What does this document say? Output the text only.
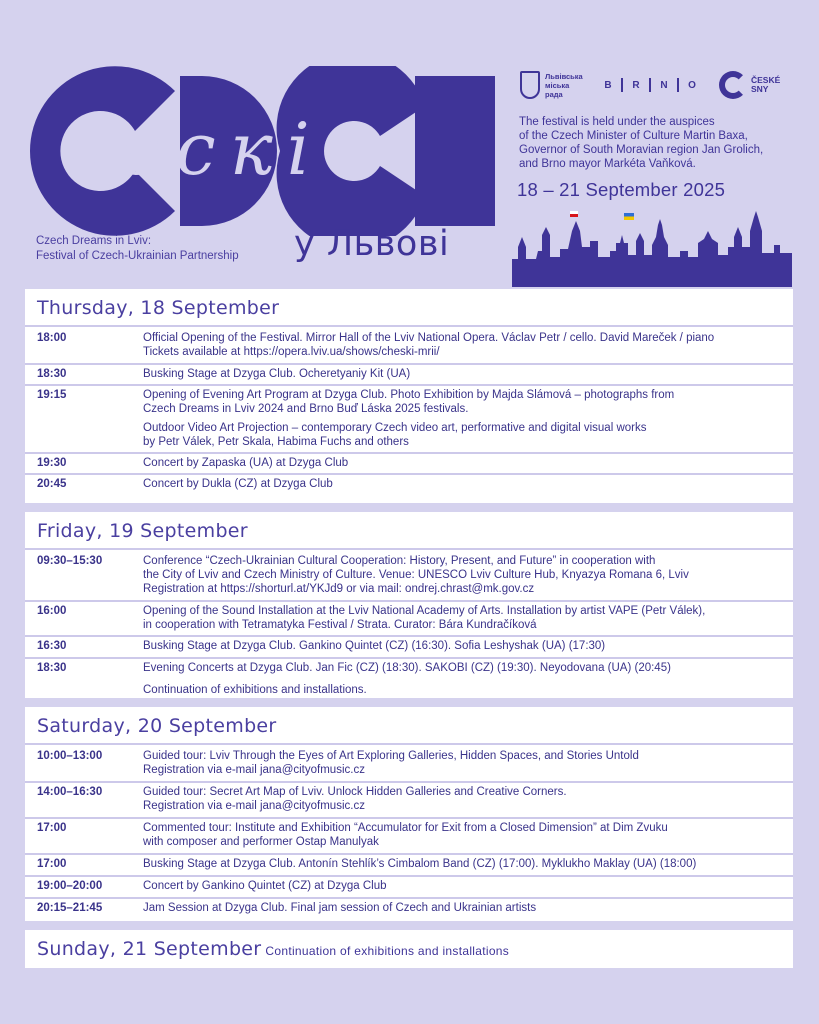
ческі
Czech Dreams in Lviv:
Festival of Czech-Ukrainian Partnership у Львові
Львівська міська рада
B	R	N	O	ČESKÉ SNY
The festival is held under the auspices
of the Czech Minister of Culture Martin Baxa,
Governor of South Moravian region Jan Grolich,
and Brno mayor Markéta Vaňková.
18 – 21 September 2025
Thursday, 18 September
18:00	Official Opening of the Festival. Mirror Hall of the Lviv National Opera. Václav Petr / cello. David Mareček / piano
Tickets available at https://opera.lviv.ua/shows/cheski-mrii/
18:30	Busking Stage at Dzyga Club. Ocheretyaniy Kit (UA)
19:15	Opening of Evening Art Program at Dzyga Club. Photo Exhibition by Majda Slámová – photographs from
Czech Dreams in Lviv 2024 and Brno Buď Láska 2025 festivals.
Outdoor Video Art Projection – contemporary Czech video art, performative and digital visual works
by Petr Válek, Petr Skala, Habima Fuchs and others
19:30	Concert by Zapaska (UA) at Dzyga Club
20:45	Concert by Dukla (CZ) at Dzyga Club
Friday, 19 September
09:30–15:30	Conference “Czech-Ukrainian Cultural Cooperation: History, Present, and Future” in cooperation with
the City of Lviv and Czech Ministry of Culture. Venue: UNESCO Lviv Culture Hub, Knyazya Romana 6, Lviv
Registration at https://shorturl.at/YKJd9 or via mail: ondrej.chrast@mk.gov.cz
16:00	Opening of the Sound Installation at the Lviv National Academy of Arts. Installation by artist VAPE (Petr Válek),
in cooperation with Tetramatyka Festival / Strata. Curator: Bára Kundračíková
16:30	Busking Stage at Dzyga Club. Gankino Quintet (CZ) (16:30). Sofia Leshyshak (UA) (17:30)
18:30	Evening Concerts at Dzyga Club. Jan Fic (CZ) (18:30). SAKOBI (CZ) (19:30). Neyodovana (UA) (20:45)
Continuation of exhibitions and installations.
Saturday, 20 September
10:00–13:00	Guided tour: Lviv Through the Eyes of Art Exploring Galleries, Hidden Spaces, and Stories Untold
Registration via e-mail jana@cityofmusic.cz
14:00–16:30	Guided tour: Secret Art Map of Lviv. Unlock Hidden Galleries and Creative Corners.
Registration via e-mail jana@cityofmusic.cz
17:00	Commented tour: Institute and Exhibition “Accumulator for Exit from a Closed Dimension” at Dim Zvuku
with composer and performer Ostap Manulyak
17:00	Busking Stage at Dzyga Club. Antonín Stehlík’s Cimbalom Band (CZ) (17:00). Myklukho Maklay (UA) (18:00)
19:00–20:00	Concert by Gankino Quintet (CZ) at Dzyga Club
20:15–21:45	Jam Session at Dzyga Club. Final jam session of Czech and Ukrainian artists
Sunday, 21 September Continuation of exhibitions and installations
